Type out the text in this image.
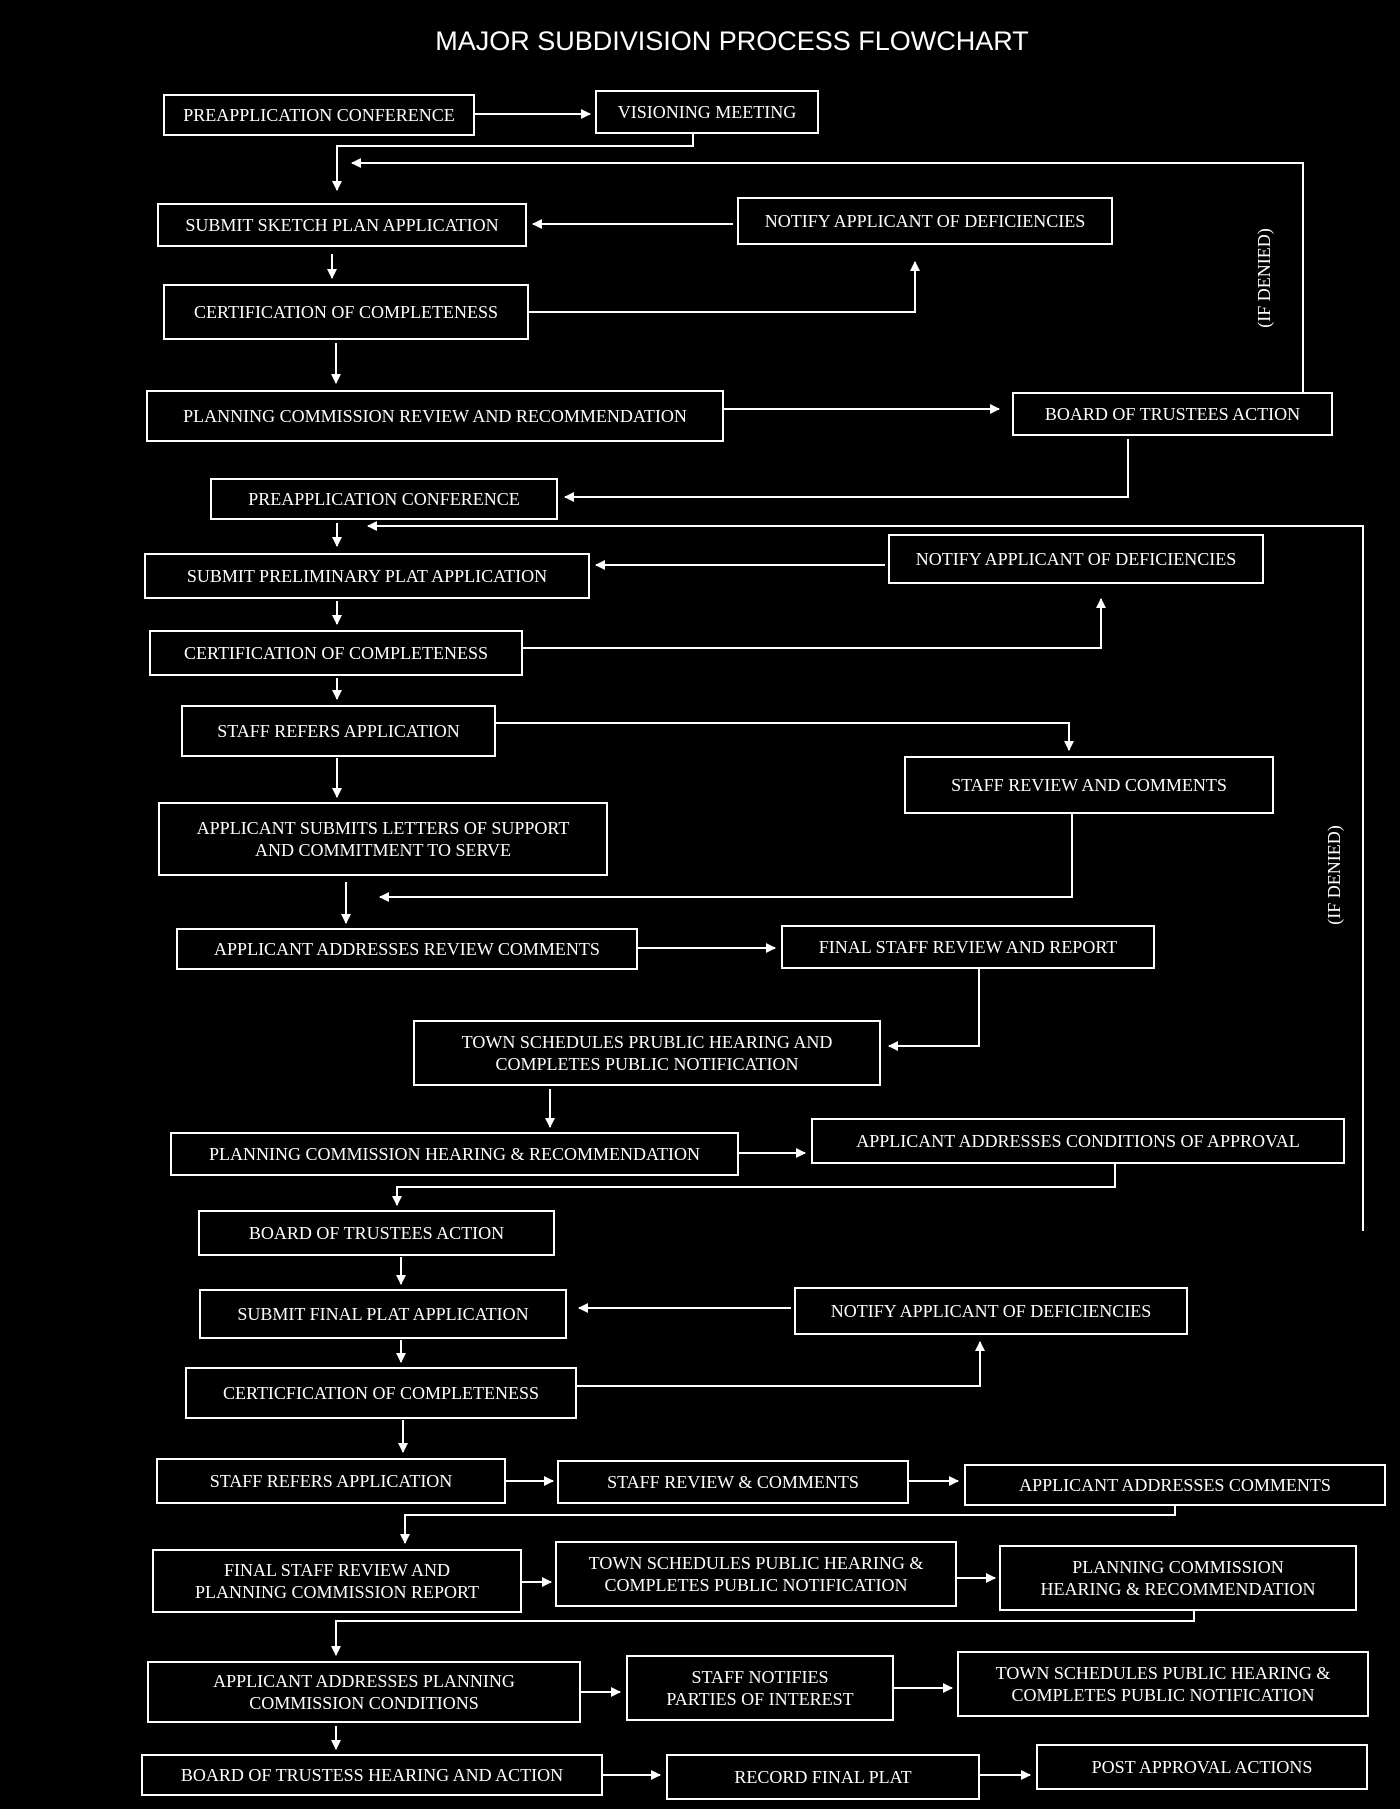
MAJOR SUBDIVISION PROCESS FLOWCHART
(IF DENIED)
(IF DENIED)
PREAPPLICATION CONFERENCE	VISIONING MEETING
SUBMIT SKETCH PLAN APPLICATION	NOTIFY APPLICANT OF DEFICIENCIES
CERTIFICATION OF COMPLETENESS
PLANNING COMMISSION REVIEW AND RECOMMENDATION	BOARD OF TRUSTEES ACTION
PREAPPLICATION CONFERENCE
SUBMIT PRELIMINARY PLAT APPLICATION
NOTIFY APPLICANT OF DEFICIENCIES
CERTIFICATION OF COMPLETENESS
STAFF REFERS APPLICATION
STAFF REVIEW AND COMMENTS
APPLICANT SUBMITS LETTERS OF SUPPORT
AND COMMITMENT TO SERVE
APPLICANT ADDRESSES REVIEW COMMENTS	FINAL STAFF REVIEW AND REPORT
TOWN SCHEDULES PRUBLIC HEARING AND
COMPLETES PUBLIC NOTIFICATION
PLANNING COMMISSION HEARING & RECOMMENDATION
APPLICANT ADDRESSES CONDITIONS OF APPROVAL
BOARD OF TRUSTEES ACTION
SUBMIT FINAL PLAT APPLICATION	NOTIFY APPLICANT OF DEFICIENCIES
CERTICFICATION OF COMPLETENESS
STAFF REFERS APPLICATION	STAFF REVIEW & COMMENTS	APPLICANT ADDRESSES COMMENTS
FINAL STAFF REVIEW AND
PLANNING COMMISSION REPORT
TOWN SCHEDULES PUBLIC HEARING &
COMPLETES PUBLIC NOTIFICATION
PLANNING COMMISSION
HEARING & RECOMMENDATION
APPLICANT ADDRESSES PLANNING
COMMISSION CONDITIONS
STAFF NOTIFIES
PARTIES OF INTEREST
TOWN SCHEDULES PUBLIC HEARING &
COMPLETES PUBLIC NOTIFICATION
BOARD OF TRUSTESS HEARING AND ACTION	RECORD FINAL PLAT	POST APPROVAL ACTIONS
